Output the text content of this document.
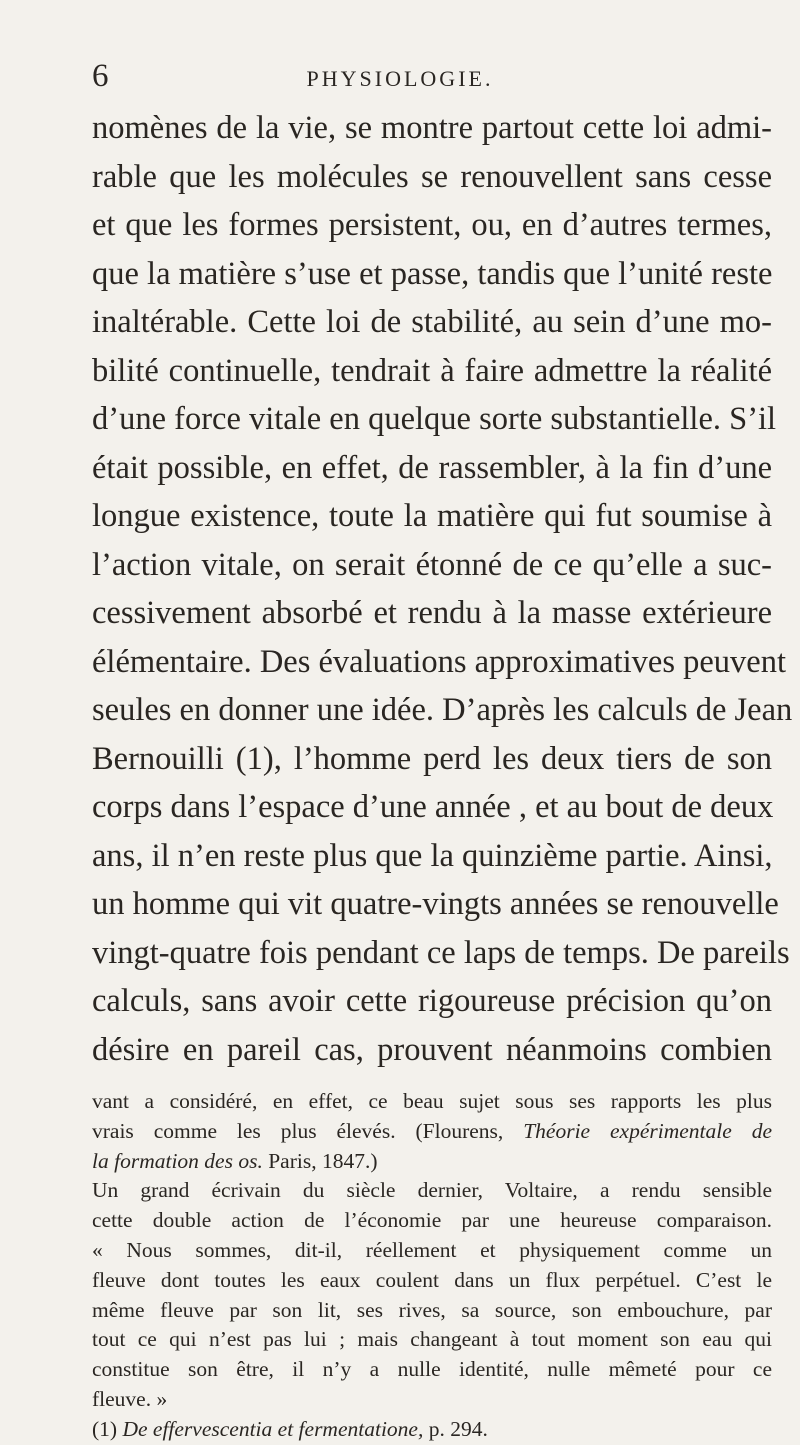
6	PHYSIOLOGIE.
nomènes de la vie, se montre partout cette loi admi-
rable que les molécules se renouvellent sans cesse
et que les formes persistent, ou, en d’autres termes,
que la matière s’use et passe, tandis que l’unité reste
inaltérable. Cette loi de stabilité, au sein d’une mo-
bilité continuelle, tendrait à faire admettre la réalité
d’une force vitale en quelque sorte substantielle. S’il
était possible, en effet, de rassembler, à la fin d’une
longue existence, toute la matière qui fut soumise à
l’action vitale, on serait étonné de ce qu’elle a suc-
cessivement absorbé et rendu à la masse extérieure
élémentaire. Des évaluations approximatives peuvent
seules en donner une idée. D’après les calculs de Jean
Bernouilli (1), l’homme perd les deux tiers de son
corps dans l’espace d’une année , et au bout de deux
ans, il n’en reste plus que la quinzième partie. Ainsi,
un homme qui vit quatre-vingts années se renouvelle
vingt-quatre fois pendant ce laps de temps. De pareils
calculs, sans avoir cette rigoureuse précision qu’on
désire en pareil cas, prouvent néanmoins combien
vant a considéré, en effet, ce beau sujet sous ses rapports les plus
vrais comme les plus élevés. (Flourens, Théorie expérimentale de
la formation des os. Paris, 1847.)
Un grand écrivain du siècle dernier, Voltaire, a rendu sensible
cette double action de l’économie par une heureuse comparaison.
« Nous sommes, dit-il, réellement et physiquement comme un
fleuve dont toutes les eaux coulent dans un flux perpétuel. C’est le
même fleuve par son lit, ses rives, sa source, son embouchure, par
tout ce qui n’est pas lui ; mais changeant à tout moment son eau qui
constitue son être, il n’y a nulle identité, nulle mêmeté pour ce
fleuve. »
(1) De effervescentia et fermentatione, p. 294.
